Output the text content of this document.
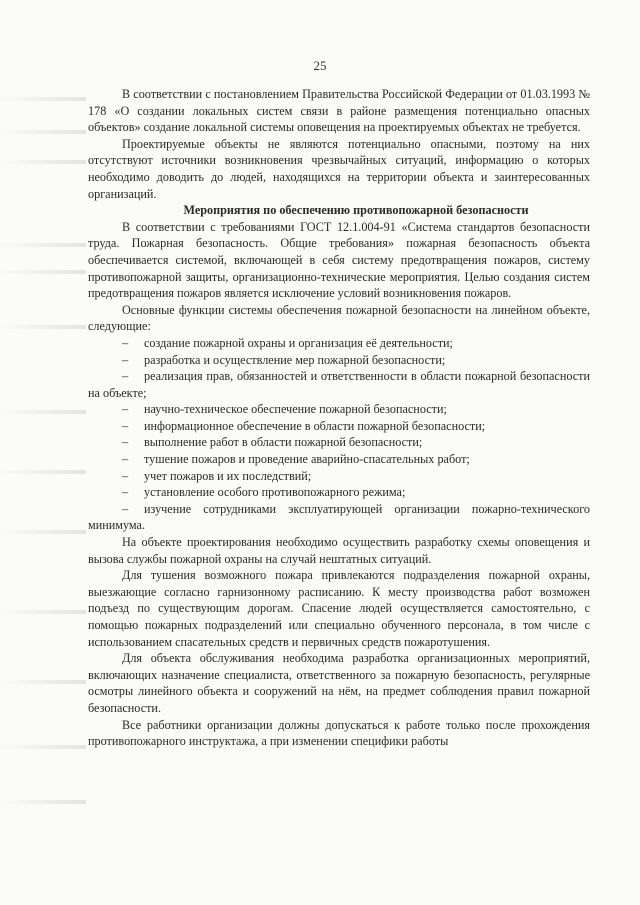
25

В соответствии с постановлением Правительства Российской Федерации от 01.03.1993 № 178 «О создании локальных систем связи в районе размещения потенциально опасных объектов» создание локальной системы оповещения на проектируемых объектах не требуется.

Проектируемые объекты не являются потенциально опасными, поэтому на них отсутствуют источники возникновения чрезвычайных ситуаций, информацию о которых необходимо доводить до людей, находящихся на территории объекта и заинтересованных организаций.

Мероприятия по обеспечению противопожарной безопасности

В соответствии с требованиями ГОСТ 12.1.004-91 «Система стандартов безопасности труда. Пожарная безопасность. Общие требования» пожарная безопасность объекта обеспечивается системой, включающей в себя систему предотвращения пожаров, систему противопожарной защиты, организационно-технические мероприятия. Целью создания систем предотвращения пожаров является исключение условий возникновения пожаров.

Основные функции системы обеспечения пожарной безопасности на линейном объекте, следующие:

–	создание пожарной охраны и организация её деятельности;
–	разработка и осуществление мер пожарной безопасности;
–	реализация прав, обязанностей и ответственности в области пожарной безопасности на объекте;
–	научно-техническое обеспечение пожарной безопасности;
–	информационное обеспечение в области пожарной безопасности;
–	выполнение работ в области пожарной безопасности;
–	тушение пожаров и проведение аварийно-спасательных работ;
–	учет пожаров и их последствий;
–	установление особого противопожарного режима;
–	изучение сотрудниками эксплуатирующей организации пожарно-технического минимума.

На объекте проектирования необходимо осуществить разработку схемы оповещения и вызова службы пожарной охраны на случай нештатных ситуаций.

Для тушения возможного пожара привлекаются подразделения пожарной охраны, выезжающие согласно гарнизонному расписанию. К месту производства работ возможен подъезд по существующим дорогам. Спасение людей осуществляется самостоятельно, с помощью пожарных подразделений или специально обученного персонала, в том числе с использованием спасательных средств и первичных средств пожаротушения.

Для объекта обслуживания необходима разработка организационных мероприятий, включающих назначение специалиста, ответственного за пожарную безопасность, регулярные осмотры линейного объекта и сооружений на нём, на предмет соблюдения правил пожарной безопасности.

Все работники организации должны допускаться к работе только после прохождения противопожарного инструктажа, а при изменении специфики работы
